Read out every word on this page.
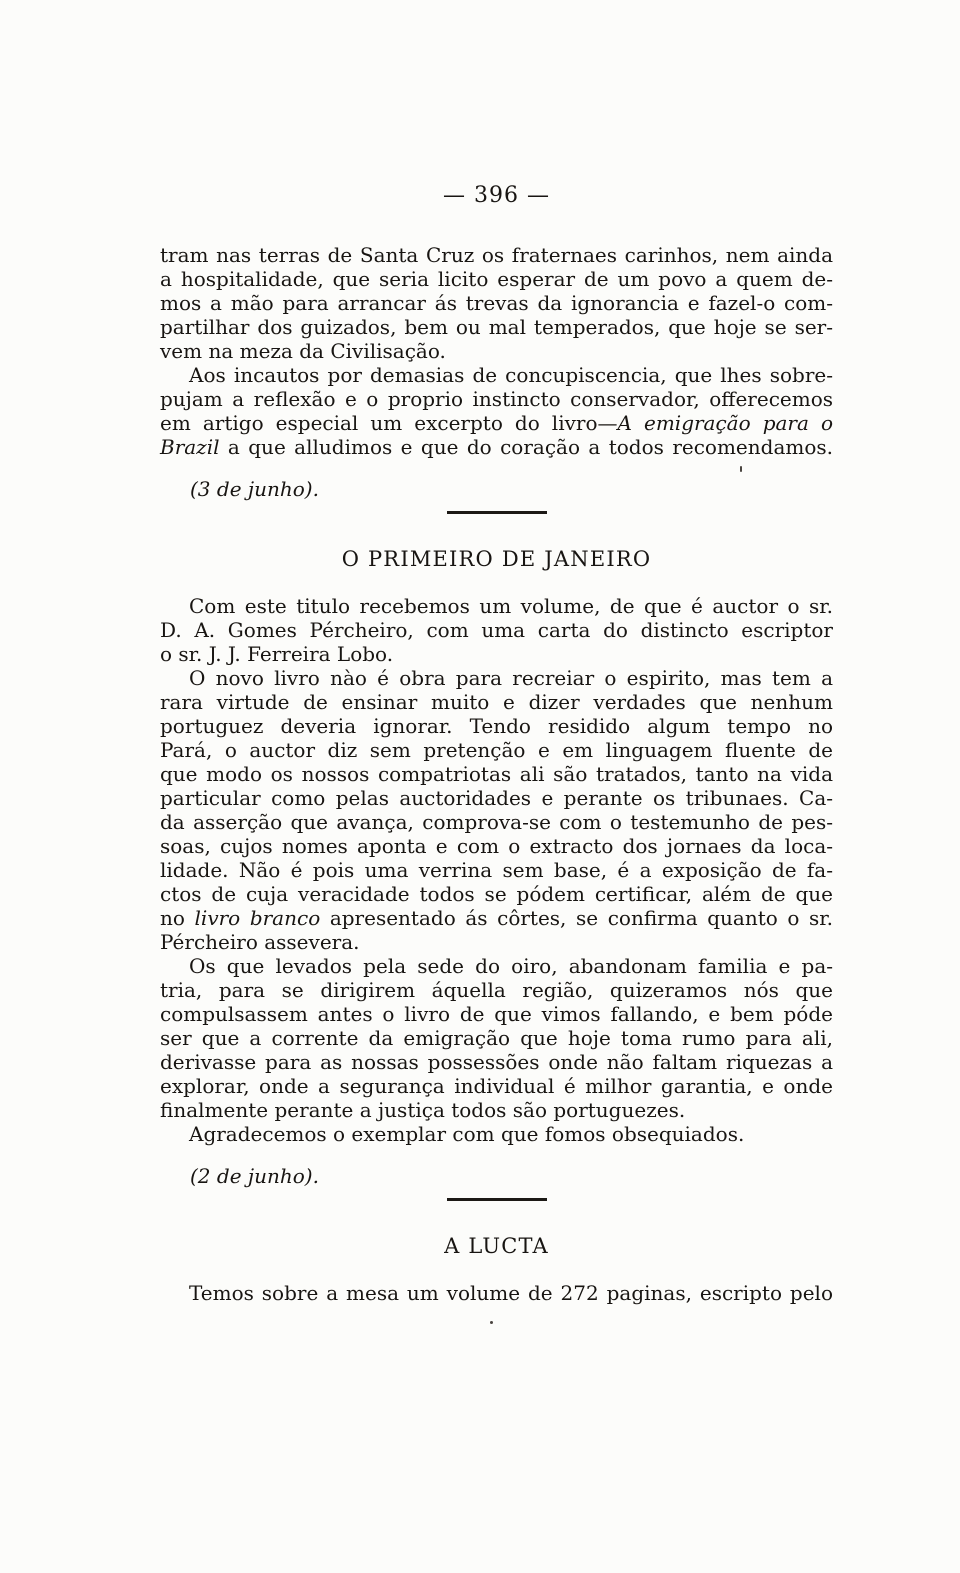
— 396 —
tram nas terras de Santa Cruz os fraternaes carinhos, nem ainda
a hospitalidade, que seria licito esperar de um povo a quem de-
mos a mão para arrancar ás trevas da ignorancia e fazel-o com-
partilhar dos guizados, bem ou mal temperados, que hoje se ser-
vem na meza da Civilisação.
Aos incautos por demasias de concupiscencia, que lhes sobre-
pujam a reflexão e o proprio instincto conservador, offerecemos
em artigo especial um excerpto do livro—A emigração para o
Brazil a que alludimos e que do coração a todos recomendamos.
(3 de junho).
O PRIMEIRO DE JANEIRO
Com este titulo recebemos um volume, de que é auctor o sr.
D. A. Gomes Pércheiro, com uma carta do distincto escriptor
o sr. J. J. Ferreira Lobo.
O novo livro nào é obra para recreiar o espirito, mas tem a
rara virtude de ensinar muito e dizer verdades que nenhum
portuguez deveria ignorar. Tendo residido algum tempo no
Pará, o auctor diz sem pretenção e em linguagem fluente de
que modo os nossos compatriotas ali são tratados, tanto na vida
particular como pelas auctoridades e perante os tribunaes. Ca-
da asserção que avança, comprova-se com o testemunho de pes-
soas, cujos nomes aponta e com o extracto dos jornaes da loca-
lidade. Não é pois uma verrina sem base, é a exposição de fa-
ctos de cuja veracidade todos se pódem certificar, além de que
no livro branco apresentado ás côrtes, se confirma quanto o sr.
Pércheiro assevera.
Os que levados pela sede do oiro, abandonam familia e pa-
tria, para se dirigirem áquella região, quizeramos nós que
compulsassem antes o livro de que vimos fallando, e bem póde
ser que a corrente da emigração que hoje toma rumo para ali,
derivasse para as nossas possessões onde não faltam riquezas a
explorar, onde a segurança individual é milhor garantia, e onde
finalmente perante a justiça todos são portuguezes.
Agradecemos o exemplar com que fomos obsequiados.
(2 de junho).
A LUCTA
Temos sobre a mesa um volume de 272 paginas, escripto pelo
